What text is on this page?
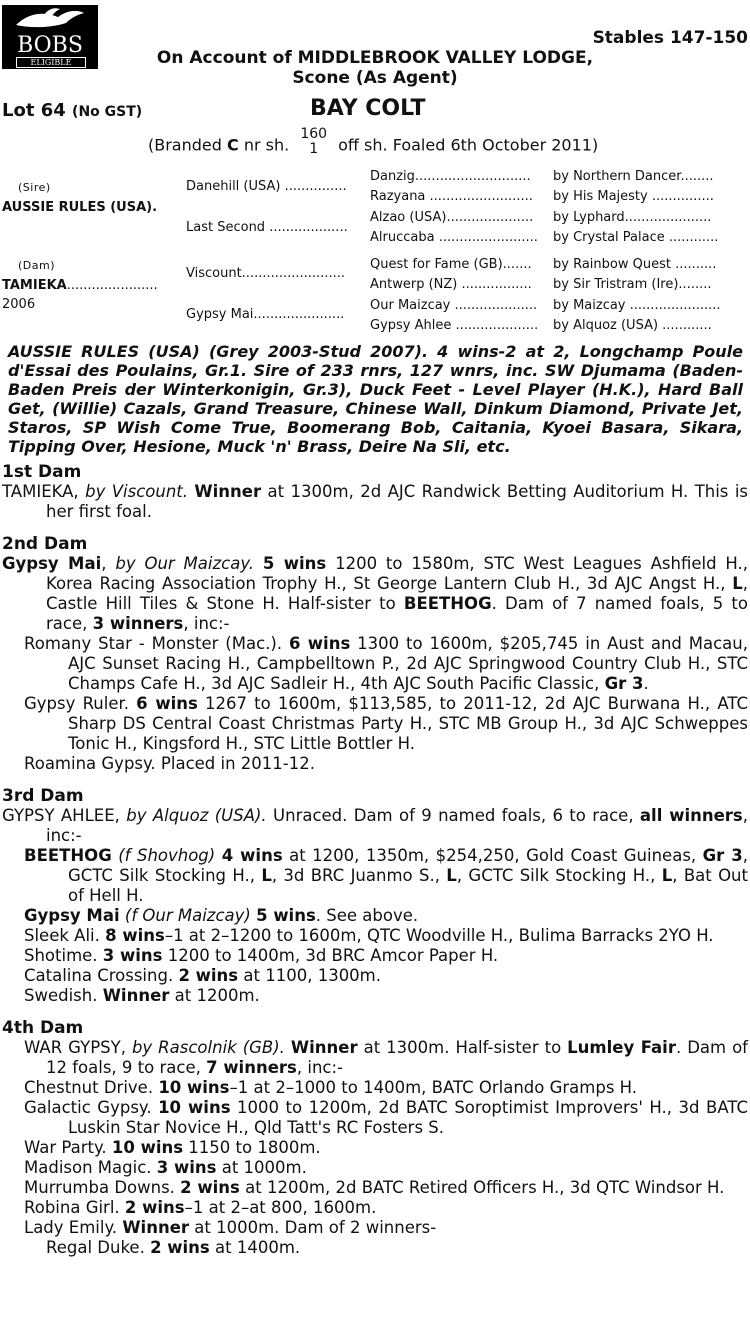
BOBS
ELIGIBLE
Stables 147-150
On Account of MIDDLEBROOK VALLEY LODGE,
Scone (As Agent)
Lot 64 (No GST)	BAY COLT
(Branded C nr sh.
160
1	off sh. Foaled 6th October 2011)
(Sire)
AUSSIE RULES (USA).
(Dam)
TAMIEKA......................
2006
Danehill (USA) ...............
Last Second ...................
Viscount.........................
Gypsy Mai......................
Danzig............................
Razyana .........................
Alzao (USA).....................
Alruccaba ........................
Quest for Fame (GB).......
Antwerp (NZ) .................
Our Maizcay ....................
Gypsy Ahlee ....................
by Northern Dancer........
by His Majesty ...............
by Lyphard.....................
by Crystal Palace ............
by Rainbow Quest ..........
by Sir Tristram (Ire)........
by Maizcay ......................
by Alquoz (USA) ............
AUSSIE RULES (USA) (Grey 2003-Stud 2007). 4 wins-2 at 2, Longchamp Poule d'Essai des Poulains, Gr.1. Sire of 233 rnrs, 127 wnrs, inc. SW Djumama (Baden-Baden Preis der Winterkonigin, Gr.3), Duck Feet - Level Player (H.K.), Hard Ball Get, (Willie) Cazals, Grand Treasure, Chinese Wall, Dinkum Diamond, Private Jet, Staros, SP Wish Come True, Boomerang Bob, Caitania, Kyoei Basara, Sikara, Tipping Over, Hesione, Muck 'n' Brass, Deire Na Sli, etc.
1st Dam

TAMIEKA, by Viscount. Winner at 1300m, 2d AJC Randwick Betting Auditorium H. This is her first foal.

2nd Dam

Gypsy Mai, by Our Maizcay. 5 wins 1200 to 1580m, STC West Leagues Ashfield H., Korea Racing Association Trophy H., St George Lantern Club H., 3d AJC Angst H., L, Castle Hill Tiles & Stone H. Half-sister to BEETHOG. Dam of 7 named foals, 5 to race, 3 winners, inc:-

Romany Star - Monster (Mac.). 6 wins 1300 to 1600m, $205,745 in Aust and Macau, AJC Sunset Racing H., Campbelltown P., 2d AJC Springwood Country Club H., STC Champs Cafe H., 3d AJC Sadleir H., 4th AJC South Pacific Classic, Gr 3.

Gypsy Ruler. 6 wins 1267 to 1600m, $113,585, to 2011-12, 2d AJC Burwana H., ATC Sharp DS Central Coast Christmas Party H., STC MB Group H., 3d AJC Schweppes Tonic H., Kingsford H., STC Little Bottler H.

Roamina Gypsy. Placed in 2011-12.

3rd Dam

GYPSY AHLEE, by Alquoz (USA). Unraced. Dam of 9 named foals, 6 to race, all winners, inc:-

BEETHOG (f Shovhog) 4 wins at 1200, 1350m, $254,250, Gold Coast Guineas, Gr 3, GCTC Silk Stocking H., L, 3d BRC Juanmo S., L, GCTC Silk Stocking H., L, Bat Out of Hell H.

Gypsy Mai (f Our Maizcay) 5 wins. See above.

Sleek Ali. 8 wins–1 at 2–1200 to 1600m, QTC Woodville H., Bulima Barracks 2YO H.

Shotime. 3 wins 1200 to 1400m, 3d BRC Amcor Paper H.

Catalina Crossing. 2 wins at 1100, 1300m.

Swedish. Winner at 1200m.

4th Dam

WAR GYPSY, by Rascolnik (GB). Winner at 1300m. Half-sister to Lumley Fair. Dam of 12 foals, 9 to race, 7 winners, inc:-

Chestnut Drive. 10 wins–1 at 2–1000 to 1400m, BATC Orlando Gramps H.

Galactic Gypsy. 10 wins 1000 to 1200m, 2d BATC Soroptimist Improvers' H., 3d BATC Luskin Star Novice H., Qld Tatt's RC Fosters S.

War Party. 10 wins 1150 to 1800m.

Madison Magic. 3 wins at 1000m.

Murrumba Downs. 2 wins at 1200m, 2d BATC Retired Officers H., 3d QTC Windsor H.

Robina Girl. 2 wins–1 at 2–at 800, 1600m.

Lady Emily. Winner at 1000m. Dam of 2 winners-

Regal Duke. 2 wins at 1400m.
